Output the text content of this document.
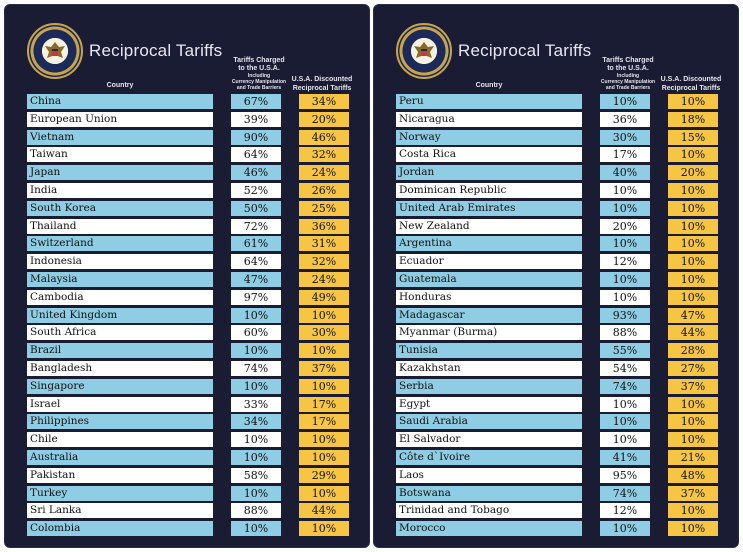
Reciprocal Tariffs
Tariffs Charged
to the U.S.A.
Including
Currency Manipulation
and Trade Barriers
Country
U.S.A. Discounted
Reciprocal Tariffs
China	67%	34%
European Union	39%	20%
Vietnam	90%	46%
Taiwan	64%	32%
Japan	46%	24%
India	52%	26%
South Korea	50%	25%
Thailand	72%	36%
Switzerland	61%	31%
Indonesia	64%	32%
Malaysia	47%	24%
Cambodia	97%	49%
United Kingdom	10%	10%
South Africa	60%	30%
Brazil	10%	10%
Bangladesh	74%	37%
Singapore	10%	10%
Israel	33%	17%
Philippines	34%	17%
Chile	10%	10%
Australia	10%	10%
Pakistan	58%	29%
Turkey	10%	10%
Sri Lanka	88%	44%
Colombia	10%	10%
Reciprocal Tariffs
Tariffs Charged
to the U.S.A.
Including
Currency Manipulation
and Trade Barriers
Country
U.S.A. Discounted
Reciprocal Tariffs
Peru	10%	10%
Nicaragua	36%	18%
Norway	30%	15%
Costa Rica	17%	10%
Jordan	40%	20%
Dominican Republic	10%	10%
United Arab Emirates	10%	10%
New Zealand	20%	10%
Argentina	10%	10%
Ecuador	12%	10%
Guatemala	10%	10%
Honduras	10%	10%
Madagascar	93%	47%
Myanmar (Burma)	88%	44%
Tunisia	55%	28%
Kazakhstan	54%	27%
Serbia	74%	37%
Egypt	10%	10%
Saudi Arabia	10%	10%
El Salvador	10%	10%
Côte d`Ivoire	41%	21%
Laos	95%	48%
Botswana	74%	37%
Trinidad and Tobago	12%	10%
Morocco	10%	10%
